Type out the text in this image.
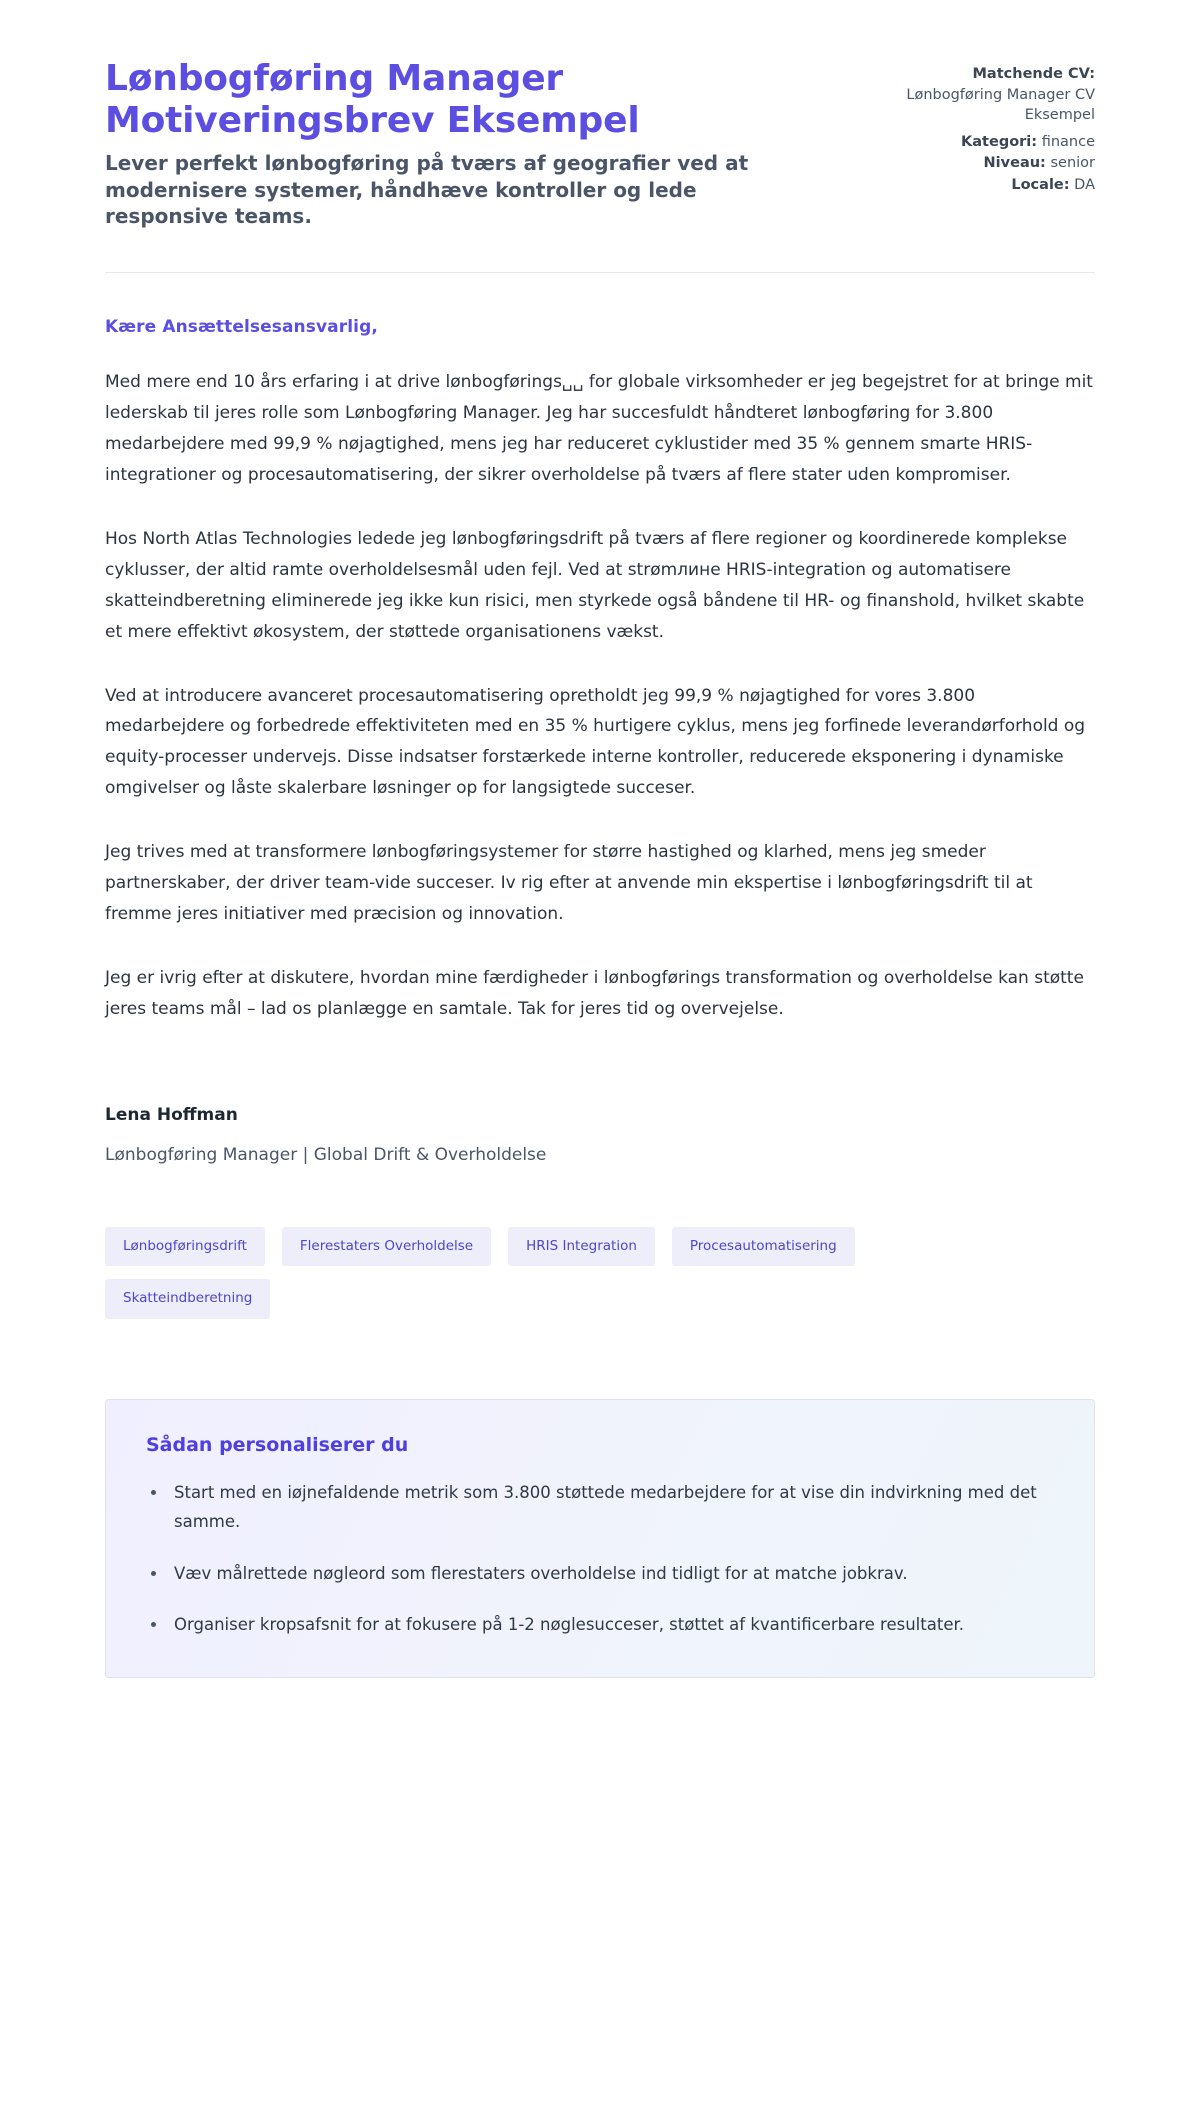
Lønbogføring Manager Motiveringsbrev Eksempel

Lever perfekt lønbogføring på tværs af geografier ved at modernisere systemer, håndhæve kontroller og lede responsive teams.

Matchende CV:
Lønbogføring Manager CV Eksempel
Kategori: finance
Niveau: senior
Locale: DA

Kære Ansættelsesansvarlig,

Med mere end 10 års erfaring i at drive lønbogførings␣␣ for globale virksomheder er jeg begejstret for at bringe mit lederskab til jeres rolle som Lønbogføring Manager. Jeg har succesfuldt håndteret lønbogføring for 3.800 medarbejdere med 99,9 % nøjagtighed, mens jeg har reduceret cyklustider med 35 % gennem smarte HRIS-integrationer og procesautomatisering, der sikrer overholdelse på tværs af flere stater uden kompromiser.

Hos North Atlas Technologies ledede jeg lønbogføringsdrift på tværs af flere regioner og koordinerede komplekse cyklusser, der altid ramte overholdelsesmål uden fejl. Ved at strømлине HRIS-integration og automatisere skatteindberetning eliminerede jeg ikke kun risici, men styrkede også båndene til HR- og finanshold, hvilket skabte et mere effektivt økosystem, der støttede organisationens vækst.

Ved at introducere avanceret procesautomatisering opretholdt jeg 99,9 % nøjagtighed for vores 3.800 medarbejdere og forbedrede effektiviteten med en 35 % hurtigere cyklus, mens jeg forfinede leverandørforhold og equity-processer undervejs. Disse indsatser forstærkede interne kontroller, reducerede eksponering i dynamiske omgivelser og låste skalerbare løsninger op for langsigtede succeser.

Jeg trives med at transformere lønbogføringsystemer for større hastighed og klarhed, mens jeg smeder partnerskaber, der driver team-vide succeser. Iv rig efter at anvende min ekspertise i lønbogføringsdrift til at fremme jeres initiativer med præcision og innovation.

Jeg er ivrig efter at diskutere, hvordan mine færdigheder i lønbogførings transformation og overholdelse kan støtte jeres teams mål – lad os planlægge en samtale. Tak for jeres tid og overvejelse.

Lena Hoffman

Lønbogføring Manager | Global Drift & Overholdelse

Lønbogføringsdrift	Flerestaters Overholdelse	HRIS Integration	Procesautomatisering
Skatteindberetning
Sådan personaliserer du
• Start med en iøjnefaldende metrik som 3.800 støttede medarbejdere for at vise din indvirkning med det samme.
• Væv målrettede nøgleord som flerestaters overholdelse ind tidligt for at matche jobkrav.
• Organiser kropsafsnit for at fokusere på 1-2 nøglesucceser, støttet af kvantificerbare resultater.
